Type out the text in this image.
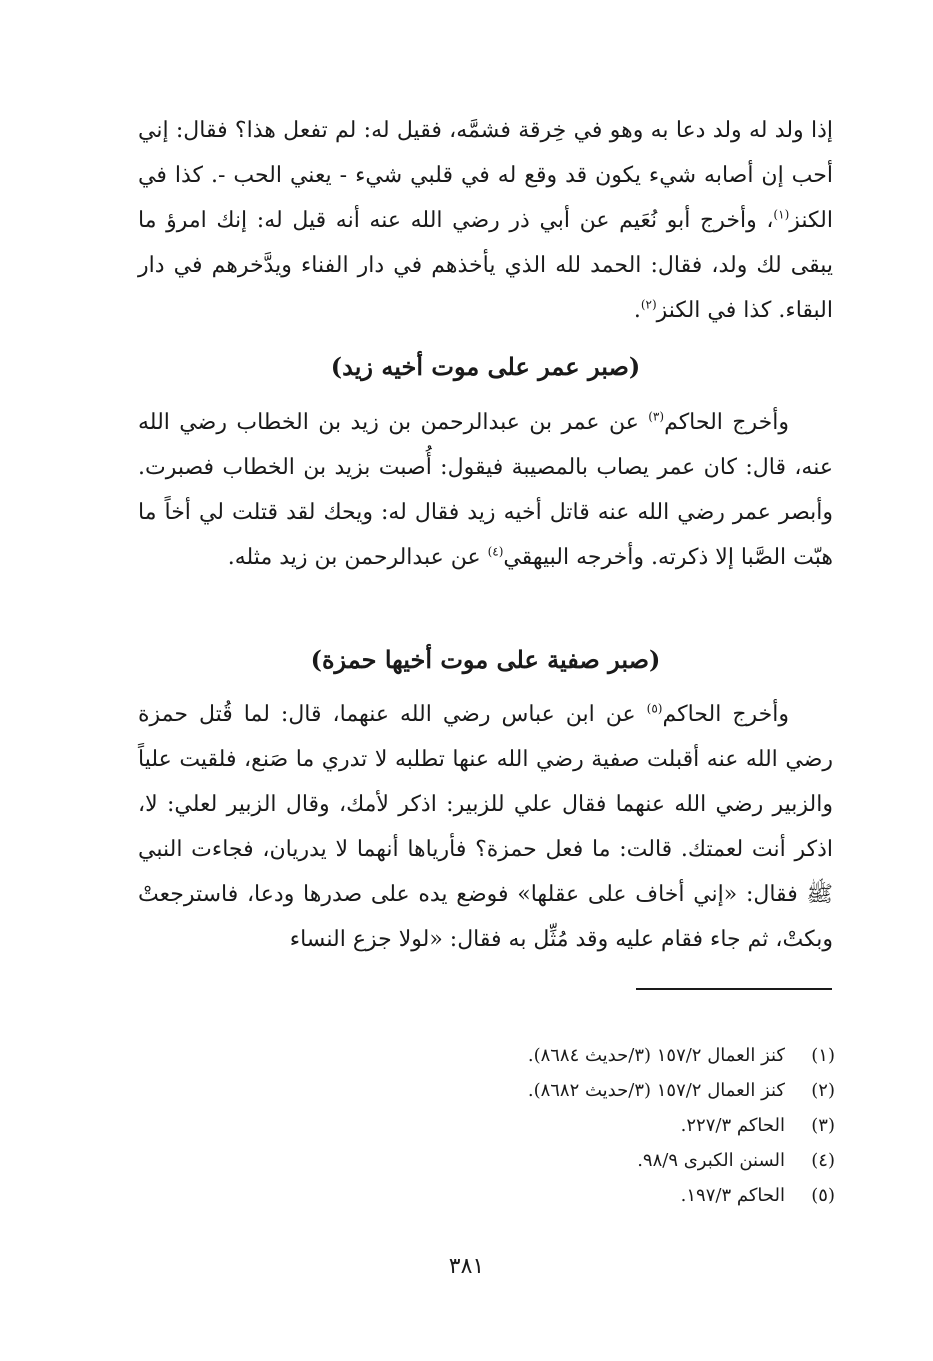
إذا ولد له ولد دعا به وهو في خِرقة فشمَّه، فقيل له: لم تفعل هذا؟ فقال: إني أحب إن أصابه شيء يكون قد وقع له في قلبي شيء - يعني الحب -. كذا في الكنز$^{(١)}$، وأخرج أبو نُعَيم عن أبي ذر رضي الله عنه أنه قيل له: إنك امرؤ ما يبقى لك ولد، فقال: الحمد لله الذي يأخذهم في دار الفناء ويدَّخرهم في دار البقاء. كذا في الكنز$^{(٢)}$.

(صبر عمر على موت أخيه زيد)

وأخرج الحاكم$^{(٣)}$ عن عمر بن عبدالرحمن بن زيد بن الخطاب رضي الله عنه، قال: كان عمر يصاب بالمصيبة فيقول: أُصبت بزيد بن الخطاب فصبرت. وأبصر عمر رضي الله عنه قاتل أخيه زيد فقال له: ويحك لقد قتلت لي أخاً ما هبّت الصَّبا إلا ذكرته. وأخرجه البيهقي$^{(٤)}$ عن عبدالرحمن بن زيد مثله.

(صبر صفية على موت أخيها حمزة)

وأخرج الحاكم$^{(٥)}$ عن ابن عباس رضي الله عنهما، قال: لما قُتل حمزة رضي الله عنه أقبلت صفية رضي الله عنها تطلبه لا تدري ما صَنع، فلقيت علياً والزبير رضي الله عنهما فقال علي للزبير: اذكر لأمك، وقال الزبير لعلي: لا، اذكر أنت لعمتك. قالت: ما فعل حمزة؟ فأرياها أنهما لا يدريان، فجاءت النبي ﷺ فقال: «إني أخاف على عقلها» فوضع يده على صدرها ودعا، فاسترجعتْ وبكتْ، ثم جاء فقام عليه وقد مُثِّل به فقال: «لولا جزع النساء

(١)
كنز العمال ١٥٧/٢ (٣/حديث ٨٦٨٤).
(٢)
كنز العمال ١٥٧/٢ (٣/حديث ٨٦٨٢).
(٣)
الحاكم ٢٢٧/٣.
(٤)
السنن الكبرى ٩٨/٩.
(٥)
الحاكم ١٩٧/٣.
٣٨١
